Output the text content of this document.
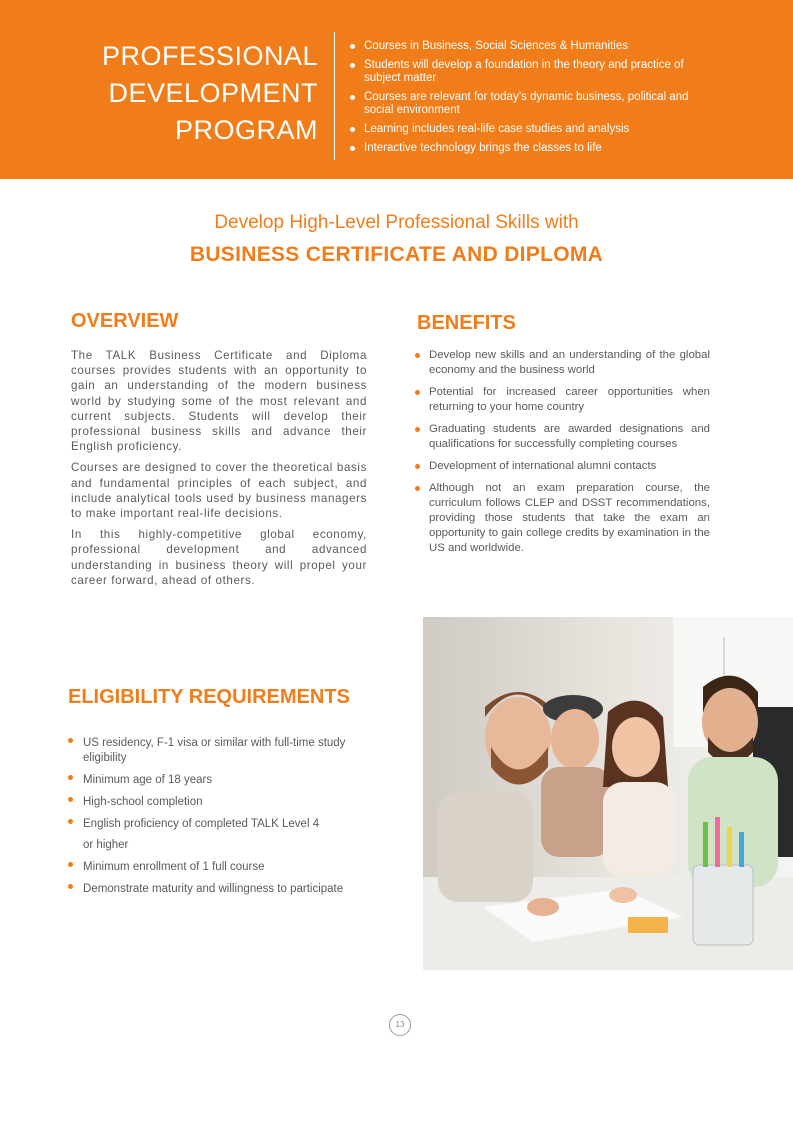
PROFESSIONAL
DEVELOPMENT
PROGRAM
Courses in Business, Social Sciences & Humanities
Students will develop a foundation in the theory and practice of subject matter
Courses are relevant for today’s dynamic business, political and social environment
Learning includes real-life case studies and analysis
Interactive technology brings the classes to life
Develop High-Level Professional Skills with
BUSINESS CERTIFICATE AND DIPLOMA
OVERVIEW

The TALK Business Certificate and Diploma courses provides students with an opportunity to gain an understanding of the modern business world by studying some of the most relevant and current subjects. Students will develop their professional business skills and advance their English proficiency.

Courses are designed to cover the theoretical basis and fundamental principles of each subject, and include analytical tools used by business managers to make important real-life decisions.

In this highly-competitive global economy, professional development and advanced understanding in business theory will propel your career forward, ahead of others.

BENEFITS
Develop new skills and an understanding of the global economy and the business world
Potential for increased career opportunities when returning to your home country
Graduating students are awarded designations and qualifications for successfully completing courses
Development of international alumni contacts
Although not an exam preparation course, the curriculum follows CLEP and DSST recommendations, providing those students that take the exam an opportunity to gain college credits by examination in the US and worldwide.
ELIGIBILITY REQUIREMENTS
US residency, F-1 visa or similar with full-time study eligibility
Minimum age of 18 years
High-school completion
English proficiency of completed TALK Level 4
or higher
Minimum enrollment of 1 full course
Demonstrate maturity and willingness to participate
13
